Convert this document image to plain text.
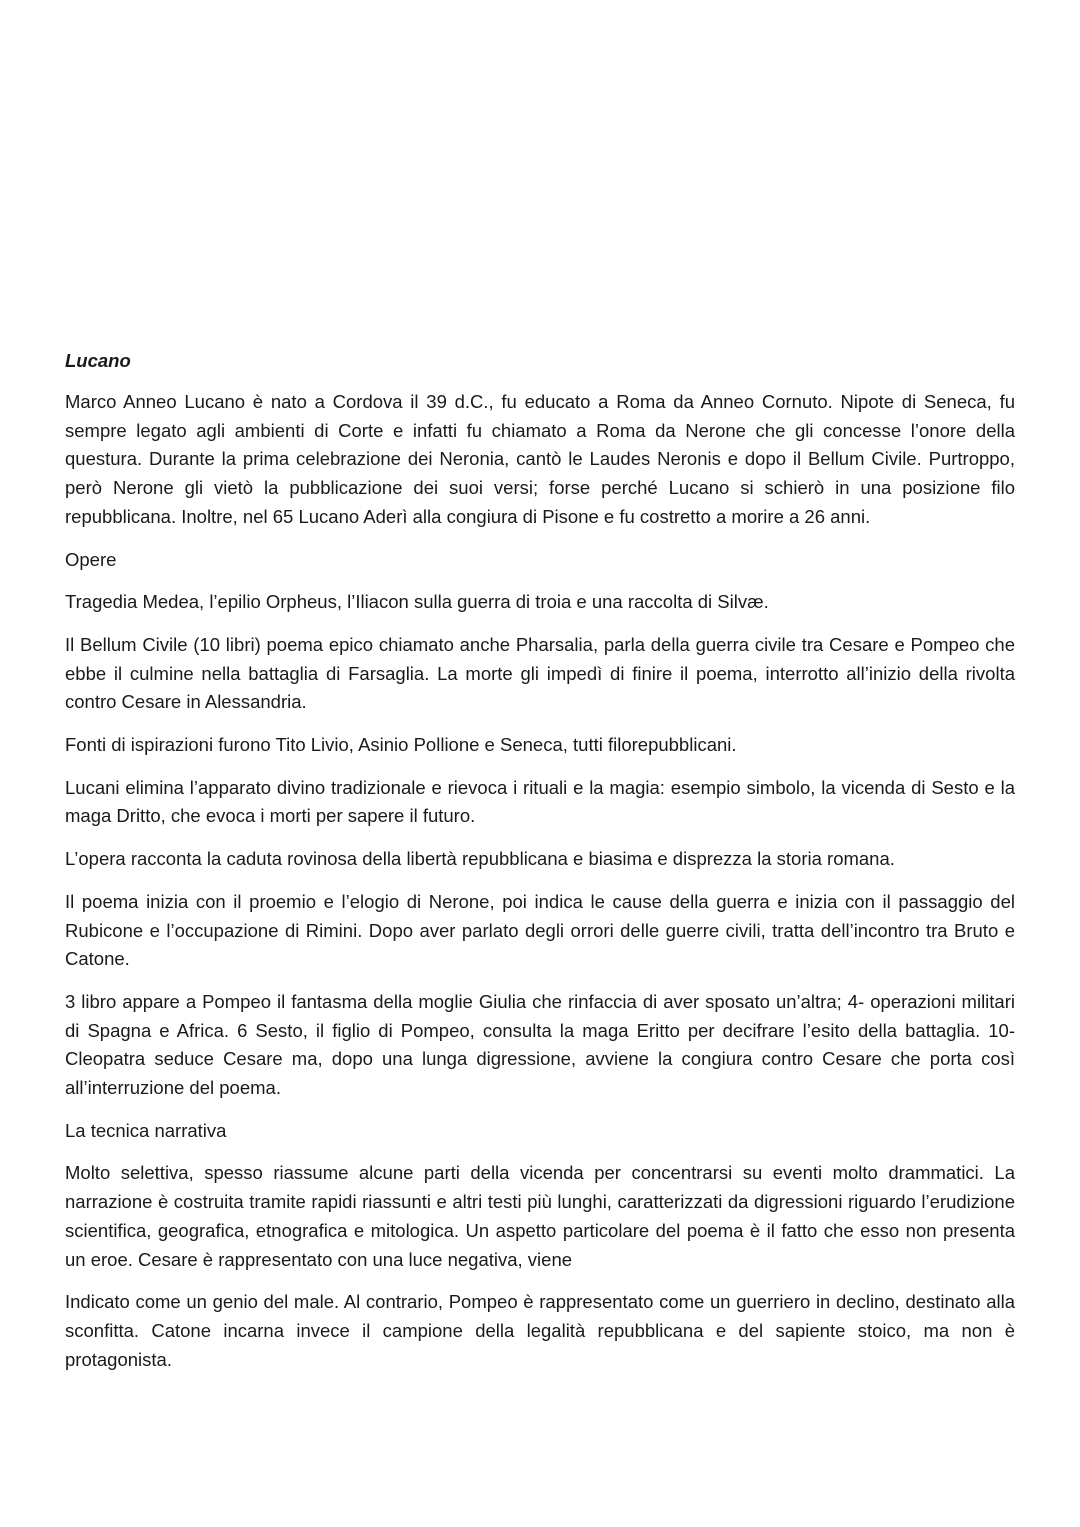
Lucano

Marco Anneo Lucano è nato a Cordova il 39 d.C., fu educato a Roma da Anneo Cornuto. Nipote di Seneca, fu sempre legato agli ambienti di Corte e infatti fu chiamato a Roma da Nerone che gli concesse l’onore della questura. Durante la prima celebrazione dei Neronia, cantò le Laudes Neronis e dopo il Bellum Civile. Purtroppo, però Nerone gli vietò la pubblicazione dei suoi versi; forse perché Lucano si schierò in una posizione filo repubblicana. Inoltre, nel 65 Lucano Aderì alla congiura di Pisone e fu costretto a morire a 26 anni.

Opere

Tragedia Medea, l’epilio Orpheus, l’Iliacon sulla guerra di troia e una raccolta di Silvæ.

Il Bellum Civile (10 libri) poema epico chiamato anche Pharsalia, parla della guerra civile tra Cesare e Pompeo che ebbe il culmine nella battaglia di Farsaglia. La morte gli impedì di finire il poema, interrotto all’inizio della rivolta contro Cesare in Alessandria.

Fonti di ispirazioni furono Tito Livio, Asinio Pollione e Seneca, tutti filorepubblicani.

Lucani elimina l’apparato divino tradizionale e rievoca i rituali e la magia: esempio simbolo, la vicenda di Sesto e la maga Dritto, che evoca i morti per sapere il futuro.

L’opera racconta la caduta rovinosa della libertà repubblicana e biasima e disprezza la storia romana.

Il poema inizia con il proemio e l’elogio di Nerone, poi indica le cause della guerra e inizia con il passaggio del Rubicone e l’occupazione di Rimini. Dopo aver parlato degli orrori delle guerre civili, tratta dell’incontro tra Bruto e Catone.

3 libro appare a Pompeo il fantasma della moglie Giulia che rinfaccia di aver sposato un’altra; 4- operazioni militari di Spagna e Africa. 6 Sesto, il figlio di Pompeo, consulta la maga Eritto per decifrare l’esito della battaglia. 10- Cleopatra seduce Cesare ma, dopo una lunga digressione, avviene la congiura contro Cesare che porta così all’interruzione del poema.

La tecnica narrativa

Molto selettiva, spesso riassume alcune parti della vicenda per concentrarsi su eventi molto drammatici. La narrazione è costruita tramite rapidi riassunti e altri testi più lunghi, caratterizzati da digressioni riguardo l’erudizione scientifica, geografica, etnografica e mitologica. Un aspetto particolare del poema è il fatto che esso non presenta un eroe. Cesare è rappresentato con una luce negativa, viene

Indicato come un genio del male. Al contrario, Pompeo è rappresentato come un guerriero in declino, destinato alla sconfitta. Catone incarna invece il campione della legalità repubblicana e del sapiente stoico, ma non è protagonista.
